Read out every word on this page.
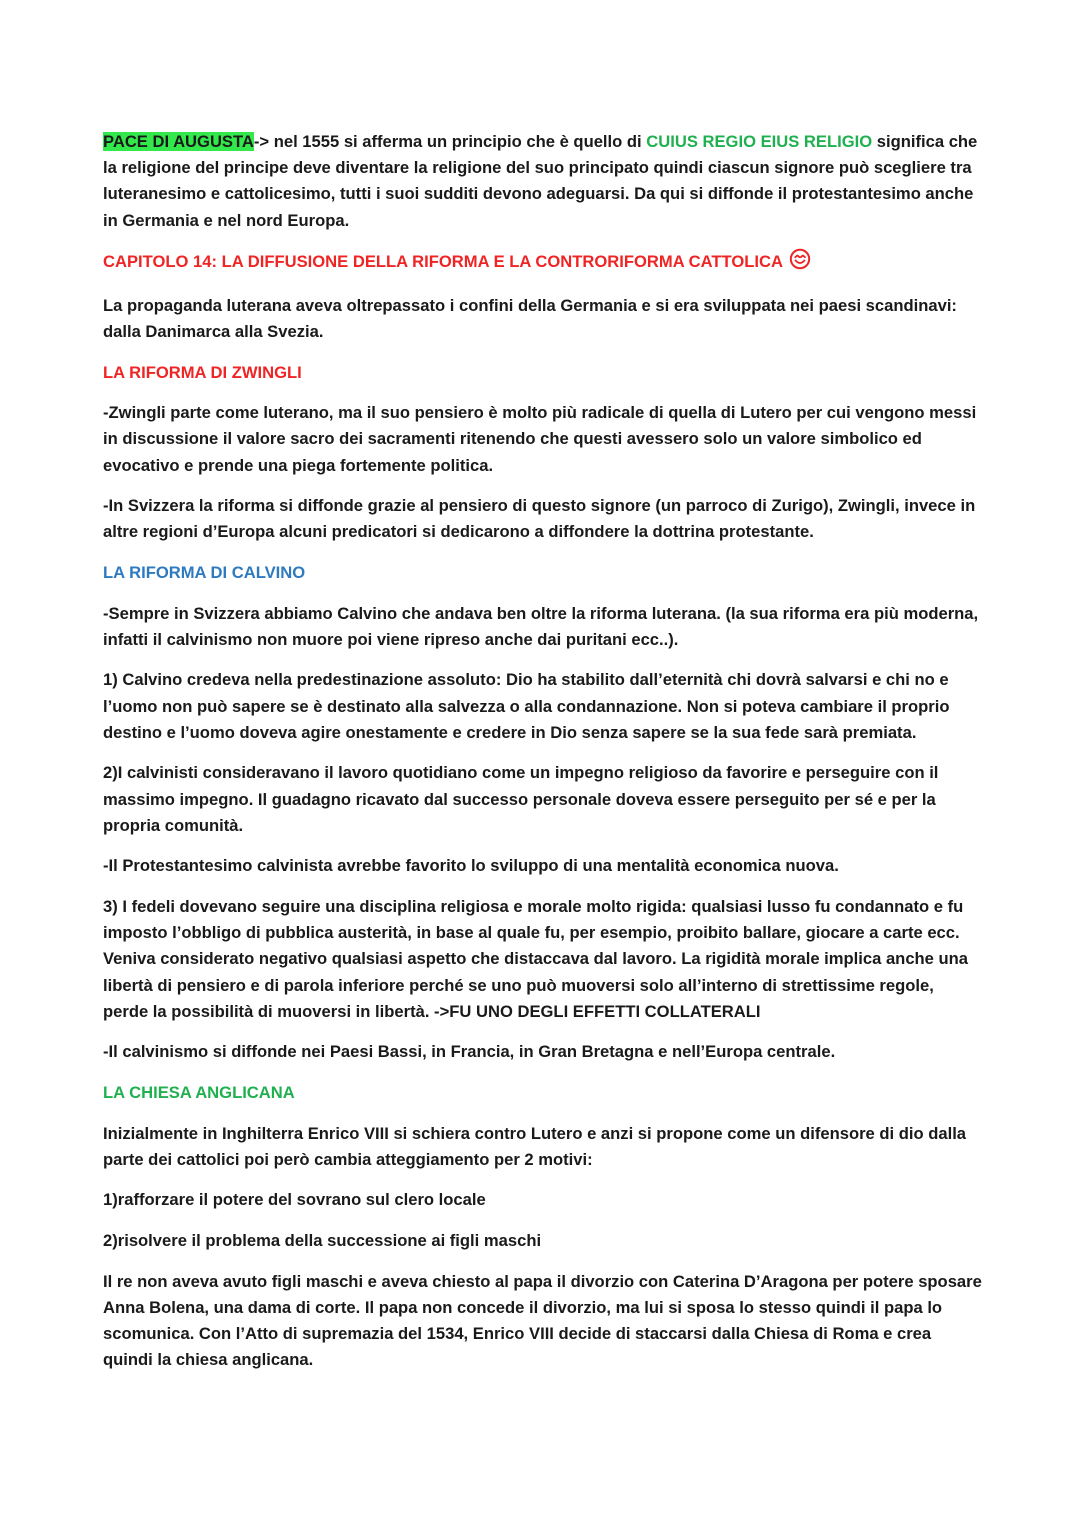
PACE DI AUGUSTA-> nel 1555 si afferma un principio che è quello di CUIUS REGIO EIUS RELIGIO significa che la religione del principe deve diventare la religione del suo principato quindi ciascun signore può scegliere tra luteranesimo e cattolicesimo, tutti i suoi sudditi devono adeguarsi. Da qui si diffonde il protestantesimo anche in Germania e nel nord Europa.

CAPITOLO 14: LA DIFFUSIONE DELLA RIFORMA E LA CONTRORIFORMA CATTOLICA

La propaganda luterana aveva oltrepassato i confini della Germania e si era sviluppata nei paesi scandinavi: dalla Danimarca alla Svezia.

LA RIFORMA DI ZWINGLI

-Zwingli parte come luterano, ma il suo pensiero è molto più radicale di quella di Lutero per cui vengono messi in discussione il valore sacro dei sacramenti ritenendo che questi avessero solo un valore simbolico ed evocativo e prende una piega fortemente politica.

-In Svizzera la riforma si diffonde grazie al pensiero di questo signore (un parroco di Zurigo), Zwingli, invece in altre regioni d’Europa alcuni predicatori si dedicarono a diffondere la dottrina protestante.

LA RIFORMA DI CALVINO

-Sempre in Svizzera abbiamo Calvino che andava ben oltre la riforma luterana. (la sua riforma era più moderna, infatti il calvinismo non muore poi viene ripreso anche dai puritani ecc..).

1) Calvino credeva nella predestinazione assoluto: Dio ha stabilito dall’eternità chi dovrà salvarsi e chi no e l’uomo non può sapere se è destinato alla salvezza o alla condannazione. Non si poteva cambiare il proprio destino e l’uomo doveva agire onestamente e credere in Dio senza sapere se la sua fede sarà premiata.

2)I calvinisti consideravano il lavoro quotidiano come un impegno religioso da favorire e perseguire con il massimo impegno. Il guadagno ricavato dal successo personale doveva essere perseguito per sé e per la propria comunità.

-Il Protestantesimo calvinista avrebbe favorito lo sviluppo di una mentalità economica nuova.

3) I fedeli dovevano seguire una disciplina religiosa e morale molto rigida: qualsiasi lusso fu condannato e fu imposto l’obbligo di pubblica austerità, in base al quale fu, per esempio, proibito ballare, giocare a carte ecc. Veniva considerato negativo qualsiasi aspetto che distaccava dal lavoro. La rigidità morale implica anche una libertà di pensiero e di parola inferiore perché se uno può muoversi solo all’interno di strettissime regole, perde la possibilità di muoversi in libertà. ->FU UNO DEGLI EFFETTI COLLATERALI

-Il calvinismo si diffonde nei Paesi Bassi, in Francia, in Gran Bretagna e nell’Europa centrale.

LA CHIESA ANGLICANA

Inizialmente in Inghilterra Enrico VIII si schiera contro Lutero e anzi si propone come un difensore di dio dalla parte dei cattolici poi però cambia atteggiamento per 2 motivi:

1)rafforzare il potere del sovrano sul clero locale

2)risolvere il problema della successione ai figli maschi

Il re non aveva avuto figli maschi e aveva chiesto al papa il divorzio con Caterina D’Aragona per potere sposare Anna Bolena, una dama di corte. Il papa non concede il divorzio, ma lui si sposa lo stesso quindi il papa lo scomunica. Con l’Atto di supremazia del 1534, Enrico VIII decide di staccarsi dalla Chiesa di Roma e crea quindi la chiesa anglicana.
